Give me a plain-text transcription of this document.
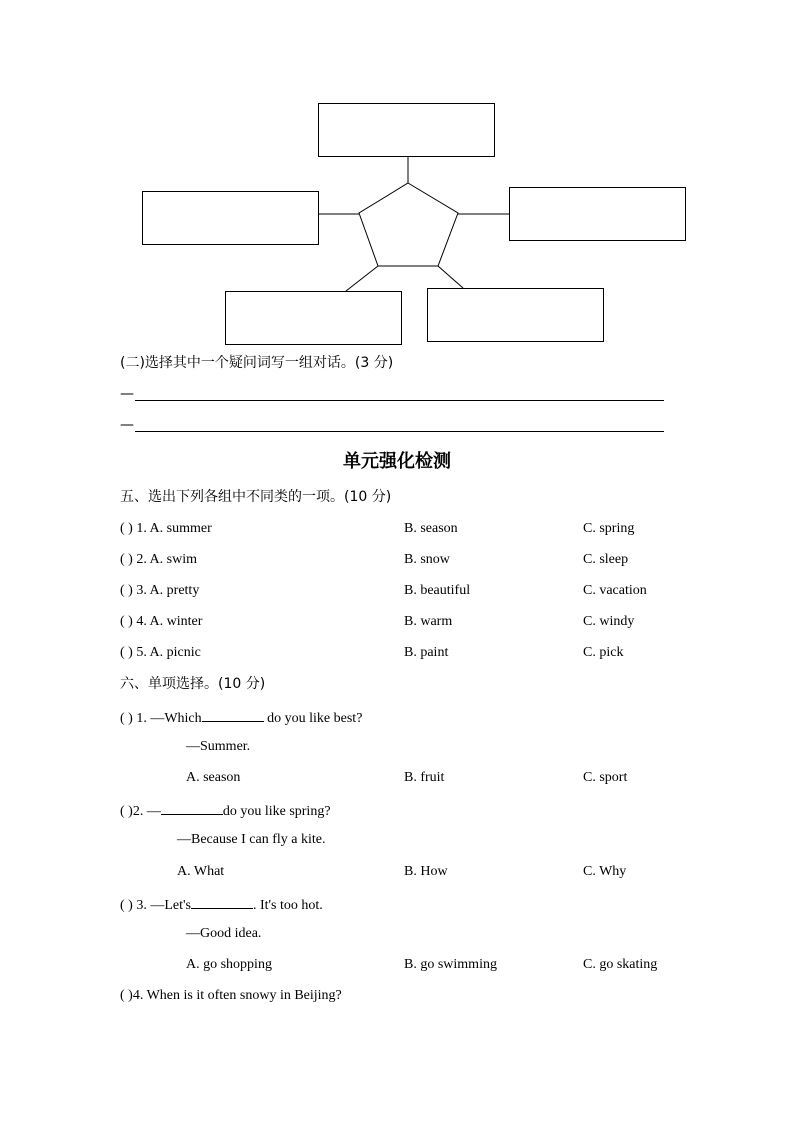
(二)选择其中一个疑问词写一组对话。(3 分)
—
—
单元强化检测
五、选出下列各组中不同类的一项。(10 分)
( ) 1. A. summer	B. season	C. spring
( ) 2. A. swim	B. snow	C. sleep
( ) 3. A. pretty	B. beautiful	C. vacation
( ) 4. A. winter	B. warm	C. windy
( ) 5. A. picnic	B. paint	C. pick
六、单项选择。(10 分)
( ) 1. —Which	do you like best?
—Summer.
A. season	B. fruit	C. sport
( )2. —	do you like spring?
—Because I can fly a kite.
A. What	B. How	C. Why
( ) 3. —Let's	. It's too hot.
—Good idea.
A. go shopping	B. go swimming	C. go skating
( )4. When is it often snowy in Beijing?
